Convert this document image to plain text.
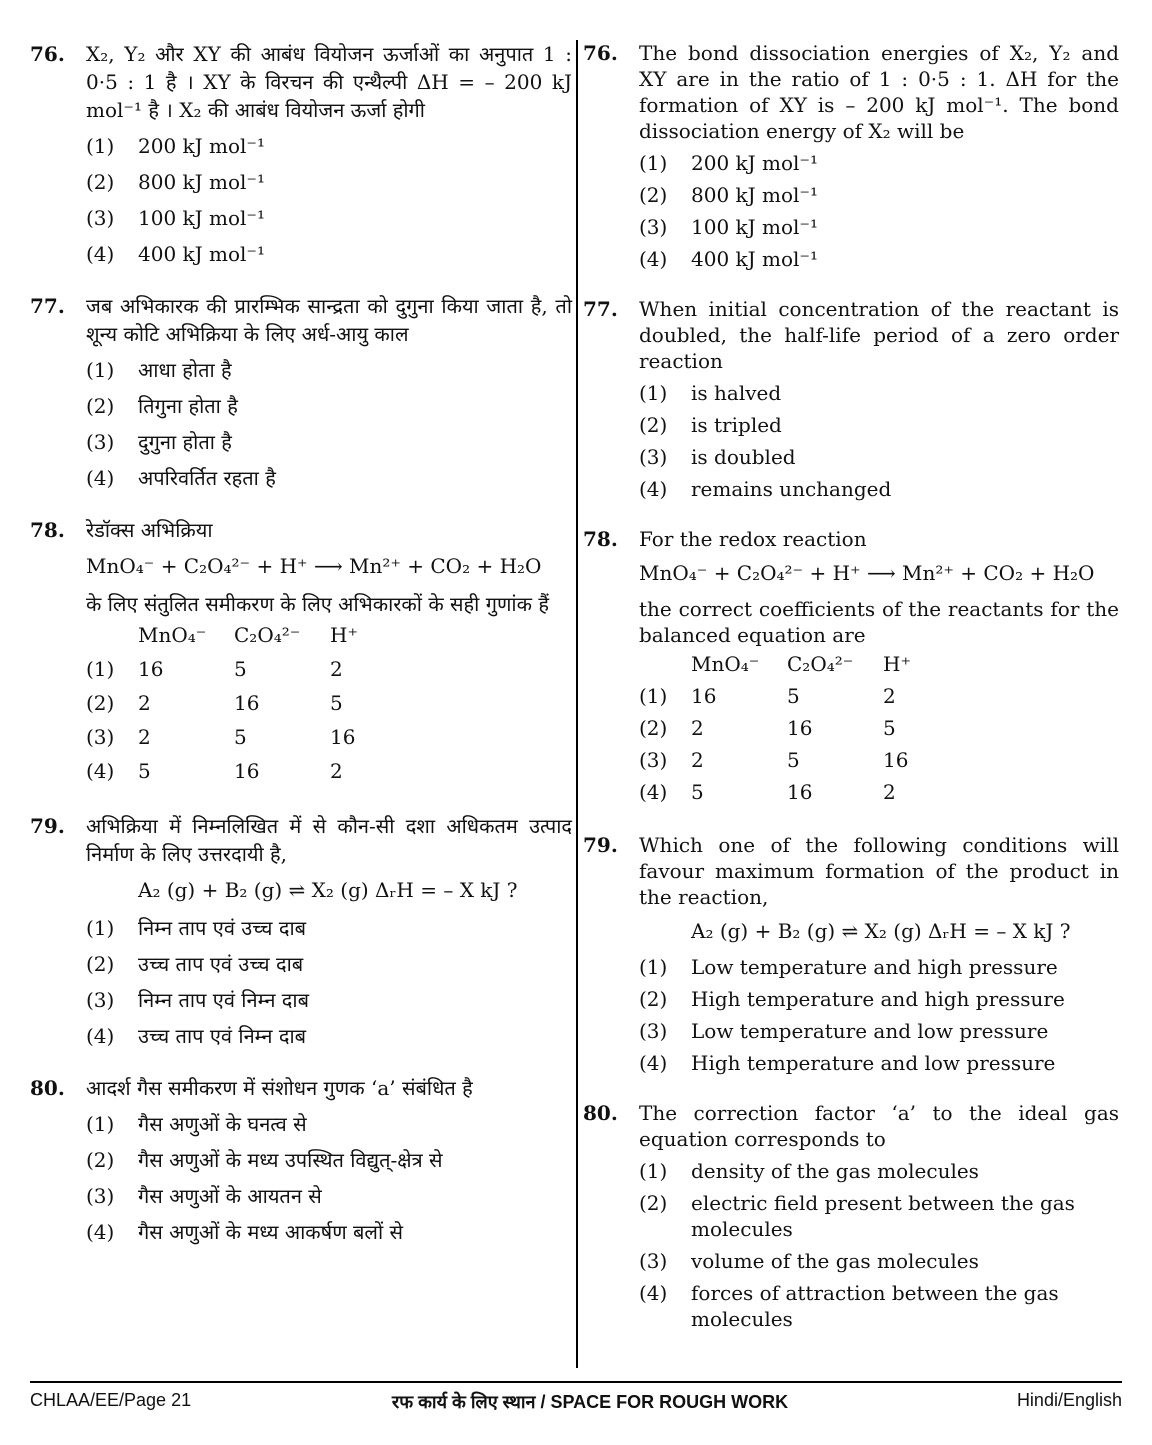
76. X₂, Y₂ और XY की आबंध वियोजन ऊर्जाओं का अनुपात 1 : 0·5 : 1 है । XY के विरचन की एन्थैल्पी ΔH = – 200 kJ mol⁻¹ है । X₂ की आबंध वियोजन ऊर्जा होगी
(1) 200 kJ mol⁻¹
(2) 800 kJ mol⁻¹
(3) 100 kJ mol⁻¹
(4) 400 kJ mol⁻¹
77. जब अभिकारक की प्रारम्भिक सान्द्रता को दुगुना किया जाता है, तो शून्य कोटि अभिक्रिया के लिए अर्ध-आयु काल
(1) आधा होता है
(2) तिगुना होता है
(3) दुगुना होता है
(4) अपरिवर्तित रहता है
78. रेडॉक्स अभिक्रिया
MnO₄⁻ + C₂O₄²⁻ + H⁺ ⟶ Mn²⁺ + CO₂ + H₂O
के लिए संतुलित समीकरण के लिए अभिकारकों के सही गुणांक हैं
	MnO₄⁻	C₂O₄²⁻	H⁺
(1)	16	5	2
(2)	2	16	5
(3)	2	5	16
(4)	5	16	2
79. अभिक्रिया में निम्नलिखित में से कौन-सी दशा अधिकतम उत्पाद निर्माण के लिए उत्तरदायी है,
A₂ (g) + B₂ (g) ⇌ X₂ (g) ΔᵣH = – X kJ ?
(1) निम्न ताप एवं उच्च दाब
(2) उच्च ताप एवं उच्च दाब
(3) निम्न ताप एवं निम्न दाब
(4) उच्च ताप एवं निम्न दाब
80. आदर्श गैस समीकरण में संशोधन गुणक ‘a’ संबंधित है
(1) गैस अणुओं के घनत्व से
(2) गैस अणुओं के मध्य उपस्थित विद्युत्-क्षेत्र से
(3) गैस अणुओं के आयतन से
(4) गैस अणुओं के मध्य आकर्षण बलों से
76. The bond dissociation energies of X₂, Y₂ and XY are in the ratio of 1 : 0·5 : 1. ΔH for the formation of XY is – 200 kJ mol⁻¹. The bond dissociation energy of X₂ will be
(1) 200 kJ mol⁻¹
(2) 800 kJ mol⁻¹
(3) 100 kJ mol⁻¹
(4) 400 kJ mol⁻¹
77. When initial concentration of the reactant is doubled, the half-life period of a zero order reaction
(1) is halved
(2) is tripled
(3) is doubled
(4) remains unchanged
78. For the redox reaction
MnO₄⁻ + C₂O₄²⁻ + H⁺ ⟶ Mn²⁺ + CO₂ + H₂O
the correct coefficients of the reactants for the balanced equation are
	MnO₄⁻	C₂O₄²⁻	H⁺
(1)	16	5	2
(2)	2	16	5
(3)	2	5	16
(4)	5	16	2
79. Which one of the following conditions will favour maximum formation of the product in the reaction,
A₂ (g) + B₂ (g) ⇌ X₂ (g) ΔᵣH = – X kJ ?
(1) Low temperature and high pressure
(2) High temperature and high pressure
(3) Low temperature and low pressure
(4) High temperature and low pressure
80. The correction factor ‘a’ to the ideal gas equation corresponds to
(1) density of the gas molecules
(2) electric field present between the gas molecules
(3) volume of the gas molecules
(4) forces of attraction between the gas molecules
CHLAA/EE/Page 21	रफ कार्य के लिए स्थान / SPACE FOR ROUGH WORK	Hindi/English
